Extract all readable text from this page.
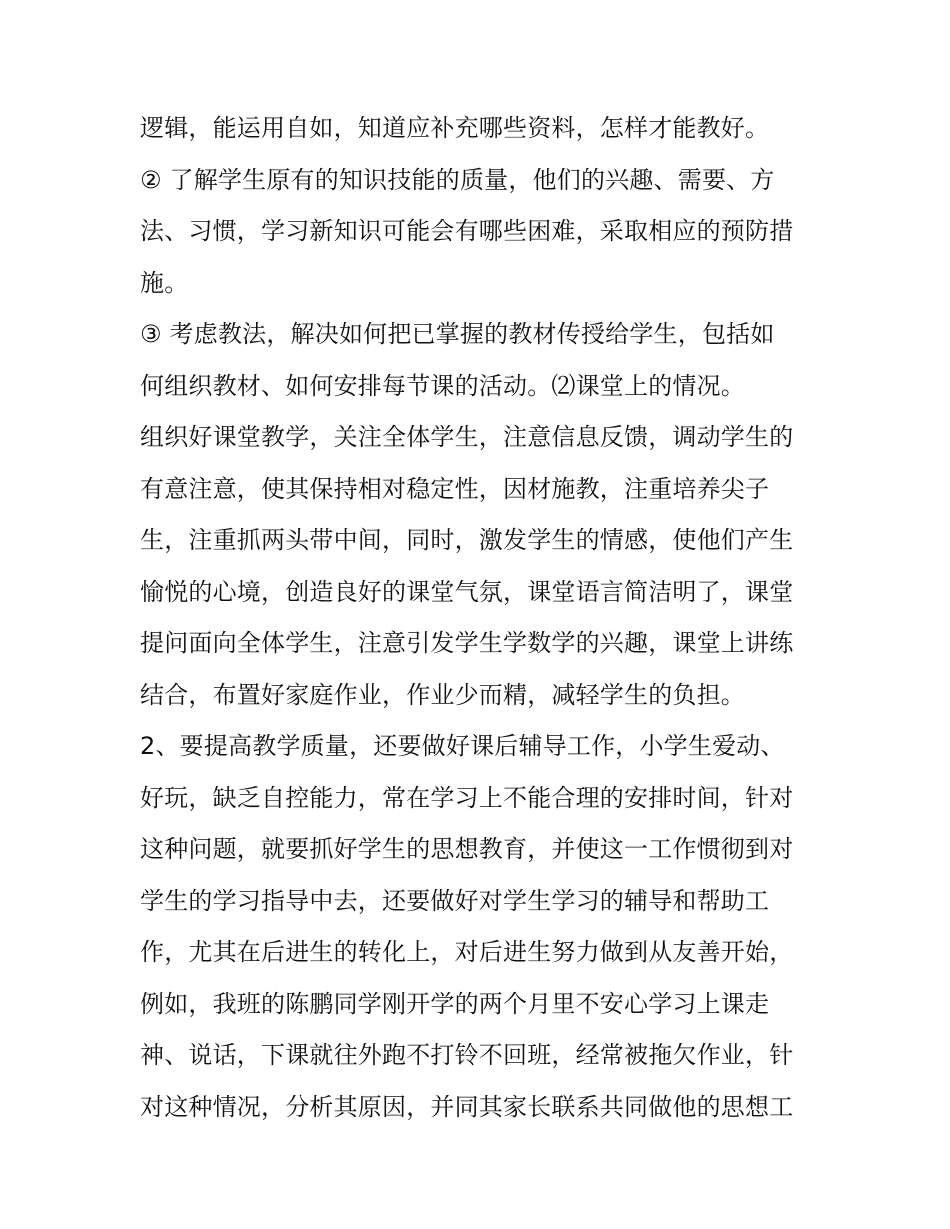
逻辑，能运用自如，知道应补充哪些资料，怎样才能教好。
② 了解学生原有的知识技能的质量，他们的兴趣、需要、方
法、习惯，学习新知识可能会有哪些困难，采取相应的预防措
施。
③ 考虑教法，解决如何把已掌握的教材传授给学生，包括如
何组织教材、如何安排每节课的活动。⑵课堂上的情况。
组织好课堂教学，关注全体学生，注意信息反馈，调动学生的
有意注意，使其保持相对稳定性，因材施教，注重培养尖子
生，注重抓两头带中间，同时，激发学生的情感，使他们产生
愉悦的心境，创造良好的课堂气氛，课堂语言简洁明了，课堂
提问面向全体学生，注意引发学生学数学的兴趣，课堂上讲练
结合，布置好家庭作业，作业少而精，减轻学生的负担。
2、要提高教学质量，还要做好课后辅导工作，小学生爱动、
好玩，缺乏自控能力，常在学习上不能合理的安排时间，针对
这种问题，就要抓好学生的思想教育，并使这一工作惯彻到对
学生的学习指导中去，还要做好对学生学习的辅导和帮助工
作，尤其在后进生的转化上，对后进生努力做到从友善开始，
例如，我班的陈鹏同学刚开学的两个月里不安心学习上课走
神、说话，下课就往外跑不打铃不回班，经常被拖欠作业，针
对这种情况，分析其原因，并同其家长联系共同做他的思想工
